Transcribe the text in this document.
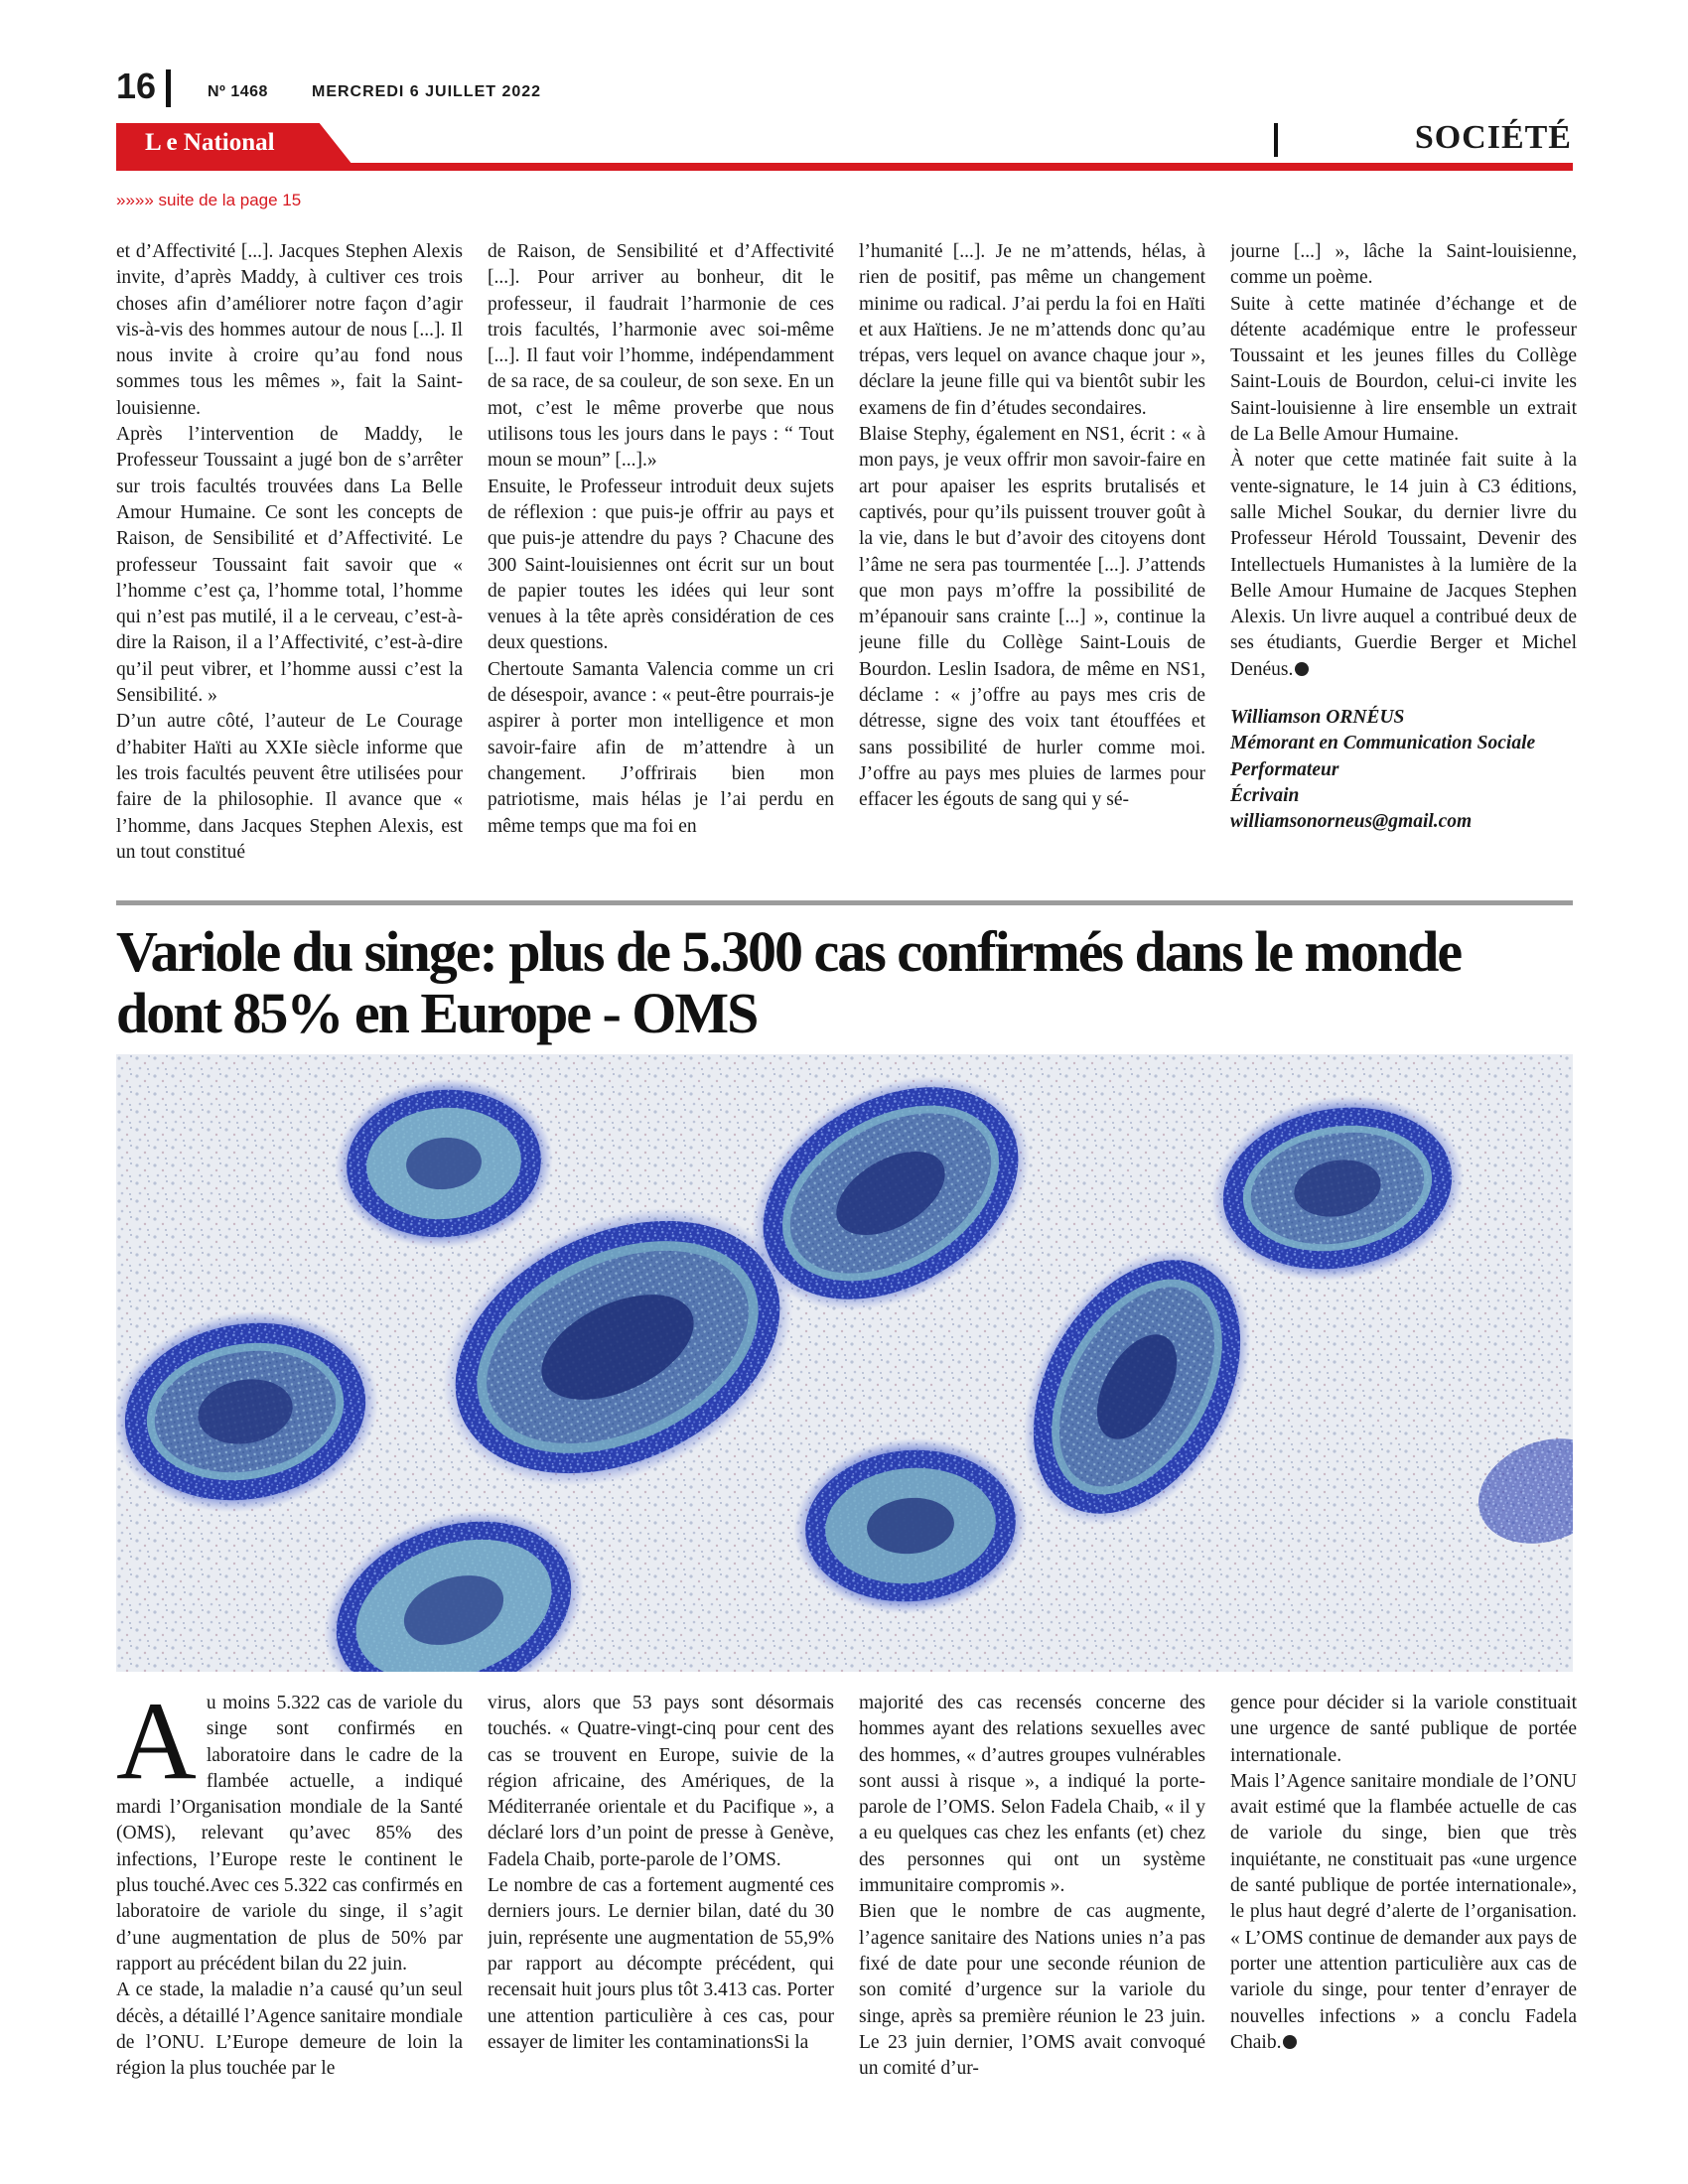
16	Nº 1468	MERCREDI 6 JUILLET 2022
L e National	SOCIÉTÉ
»»»» suite de la page 15

et d’Affectivité [...]. Jacques Stephen Alexis invite, d’après Maddy, à cultiver ces trois choses afin d’améliorer notre façon d’agir vis-à-vis des hommes autour de nous [...]. Il nous invite à croire qu’au fond nous sommes tous les mêmes », fait la Saint-louisienne.

Après l’intervention de Maddy, le Professeur Toussaint a jugé bon de s’arrêter sur trois facultés trouvées dans La Belle Amour Humaine. Ce sont les concepts de Raison, de Sensibilité et d’Affectivité. Le professeur Toussaint fait savoir que « l’homme c’est ça, l’homme total, l’homme qui n’est pas mutilé, il a le cerveau, c’est-à-dire la Raison, il a l’Affectivité, c’est-à-dire qu’il peut vibrer, et l’homme aussi c’est la Sensibilité. »

D’un autre côté, l’auteur de Le Courage d’habiter Haïti au XXIe siècle informe que les trois facultés peuvent être utilisées pour faire de la philosophie. Il avance que « l’homme, dans Jacques Stephen Alexis, est un tout constitué

de Raison, de Sensibilité et d’Affectivité [...]. Pour arriver au bonheur, dit le professeur, il faudrait l’harmonie de ces trois facultés, l’harmonie avec soi-même [...]. Il faut voir l’homme, indépendamment de sa race, de sa couleur, de son sexe. En un mot, c’est le même proverbe que nous utilisons tous les jours dans le pays : “ Tout moun se moun” [...].»

Ensuite, le Professeur introduit deux sujets de réflexion : que puis-je offrir au pays et que puis-je attendre du pays ? Chacune des 300 Saint-louisiennes ont écrit sur un bout de papier toutes les idées qui leur sont venues à la tête après considération de ces deux questions.

Chertoute Samanta Valencia comme un cri de désespoir, avance : « peut-être pourrais-je aspirer à porter mon intelligence et mon savoir-faire afin de m’attendre à un changement. J’offrirais bien mon patriotisme, mais hélas je l’ai perdu en même temps que ma foi en

l’humanité [...]. Je ne m’attends, hélas, à rien de positif, pas même un changement minime ou radical. J’ai perdu la foi en Haïti et aux Haïtiens. Je ne m’attends donc qu’au trépas, vers lequel on avance chaque jour », déclare la jeune fille qui va bientôt subir les examens de fin d’études secondaires.

Blaise Stephy, également en NS1, écrit : « à mon pays, je veux offrir mon savoir-faire en art pour apaiser les esprits brutalisés et captivés, pour qu’ils puissent trouver goût à la vie, dans le but d’avoir des citoyens dont l’âme ne sera pas tourmentée [...]. J’attends que mon pays m’offre la possibilité de m’épanouir sans crainte [...] », continue la jeune fille du Collège Saint-Louis de Bourdon. Leslin Isadora, de même en NS1, déclame : « j’offre au pays mes cris de détresse, signe des voix tant étouffées et sans possibilité de hurler comme moi. J’offre au pays mes pluies de larmes pour effacer les égouts de sang qui y sé-

journe [...] », lâche la Saint-louisienne, comme un poème.

Suite à cette matinée d’échange et de détente académique entre le professeur Toussaint et les jeunes filles du Collège Saint-Louis de Bourdon, celui-ci invite les Saint-louisienne à lire ensemble un extrait de La Belle Amour Humaine.

À noter que cette matinée fait suite à la vente-signature, le 14 juin à C3 éditions, salle Michel Soukar, du dernier livre du Professeur Hérold Toussaint, Devenir des Intellectuels Humanistes à la lumière de la Belle Amour Humaine de Jacques Stephen Alexis. Un livre auquel a contribué deux de ses étudiants, Guerdie Berger et Michel Denéus.

Williamson ORNÉUS
Mémorant en Communication Sociale
Performateur
Écrivain
williamsonorneus@gmail.com
Variole du singe: plus de 5.300 cas confirmés dans le monde dont 85% en Europe - OMS

Au moins 5.322 cas de variole du singe sont confirmés en laboratoire dans le cadre de la flambée actuelle, a indiqué mardi l’Organisation mondiale de la Santé (OMS), relevant qu’avec 85% des infections, l’Europe reste le continent le plus touché.Avec ces 5.322 cas confirmés en laboratoire de variole du singe, il s’agit d’une augmentation de plus de 50% par rapport au précédent bilan du 22 juin.

A ce stade, la maladie n’a causé qu’un seul décès, a détaillé l’Agence sanitaire mondiale de l’ONU. L’Europe demeure de loin la région la plus touchée par le

virus, alors que 53 pays sont désormais touchés. « Quatre-vingt-cinq pour cent des cas se trouvent en Europe, suivie de la région africaine, des Amériques, de la Méditerranée orientale et du Pacifique », a déclaré lors d’un point de presse à Genève, Fadela Chaib, porte-parole de l’OMS.

Le nombre de cas a fortement augmenté ces derniers jours. Le dernier bilan, daté du 30 juin, représente une augmentation de 55,9% par rapport au décompte précédent, qui recensait huit jours plus tôt 3.413 cas. Porter une attention particulière à ces cas, pour essayer de limiter les contaminationsSi la

majorité des cas recensés concerne des hommes ayant des relations sexuelles avec des hommes, « d’autres groupes vulnérables sont aussi à risque », a indiqué la porte-parole de l’OMS. Selon Fadela Chaib, « il y a eu quelques cas chez les enfants (et) chez des personnes qui ont un système immunitaire compromis ».

Bien que le nombre de cas augmente, l’agence sanitaire des Nations unies n’a pas fixé de date pour une seconde réunion de son comité d’urgence sur la variole du singe, après sa première réunion le 23 juin. Le 23 juin dernier, l’OMS avait convoqué un comité d’ur-

gence pour décider si la variole constituait une urgence de santé publique de portée internationale.

Mais l’Agence sanitaire mondiale de l’ONU avait estimé que la flambée actuelle de cas de variole du singe, bien que très inquiétante, ne constituait pas «une urgence de santé publique de portée internationale», le plus haut degré d’alerte de l’organisation. « L’OMS continue de demander aux pays de porter une attention particulière aux cas de variole du singe, pour tenter d’enrayer de nouvelles infections » a conclu Fadela Chaib.
